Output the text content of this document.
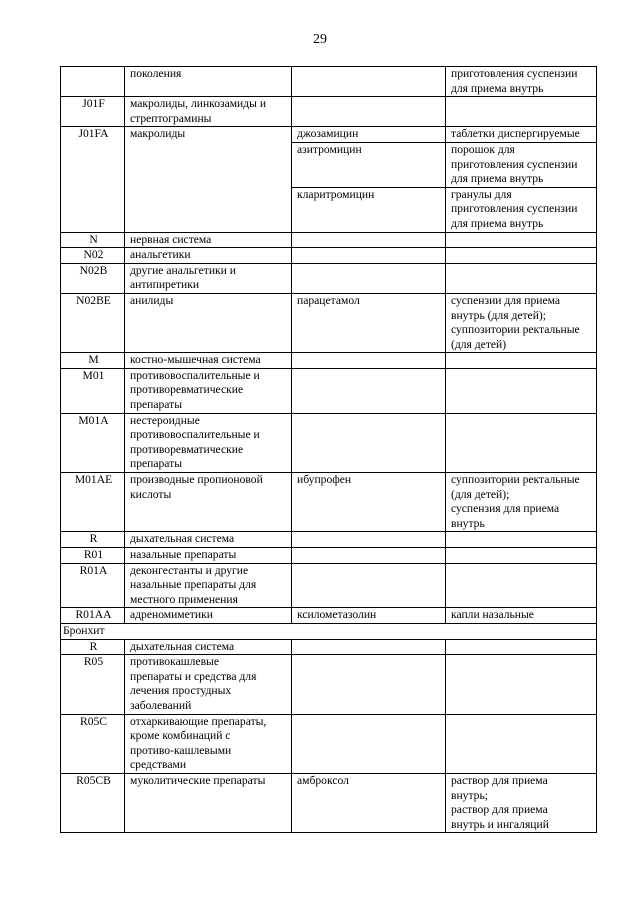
29

	поколения		приготовления суспензии
для приема внутрь

J01F	макролиды, линкозамиды и
стрептограмины		

J01FA	макролиды	джозамицин	таблетки диспергируемые

		азитромицин	порошок для
приготовления суспензии
для приема внутрь

		кларитромицин	гранулы для
приготовления суспензии
для приема внутрь

N	нервная система		

N02	анальгетики		

N02B	другие анальгетики и
антипиретики		

N02BE	анилиды	парацетамол	суспензии для приема
внутрь (для детей);
суппозитории ректальные
(для детей)

M	костно-мышечная система		

M01	противовоспалительные и
противоревматические
препараты		

M01A	нестероидные
противовоспалительные и
противоревматические
препараты		

M01AE	производные пропионовой
кислоты	ибупрофен	суппозитории ректальные
(для детей);
суспензия для приема
внутрь

R	дыхательная система		

R01	назальные препараты		

R01A	деконгестанты и другие
назальные препараты для
местного применения		

R01AA	адреномиметики	ксилометазолин	капли назальные

Бронхит			

R	дыхательная система		

R05	противокашлевые
препараты и средства для
лечения простудных
заболеваний		

R05C	отхаркивающие препараты,
кроме комбинаций с
противо-кашлевыми
средствами		

R05CB	муколитические препараты	амброксол	раствор для приема
внутрь;
раствор для приема
внутрь и ингаляций
